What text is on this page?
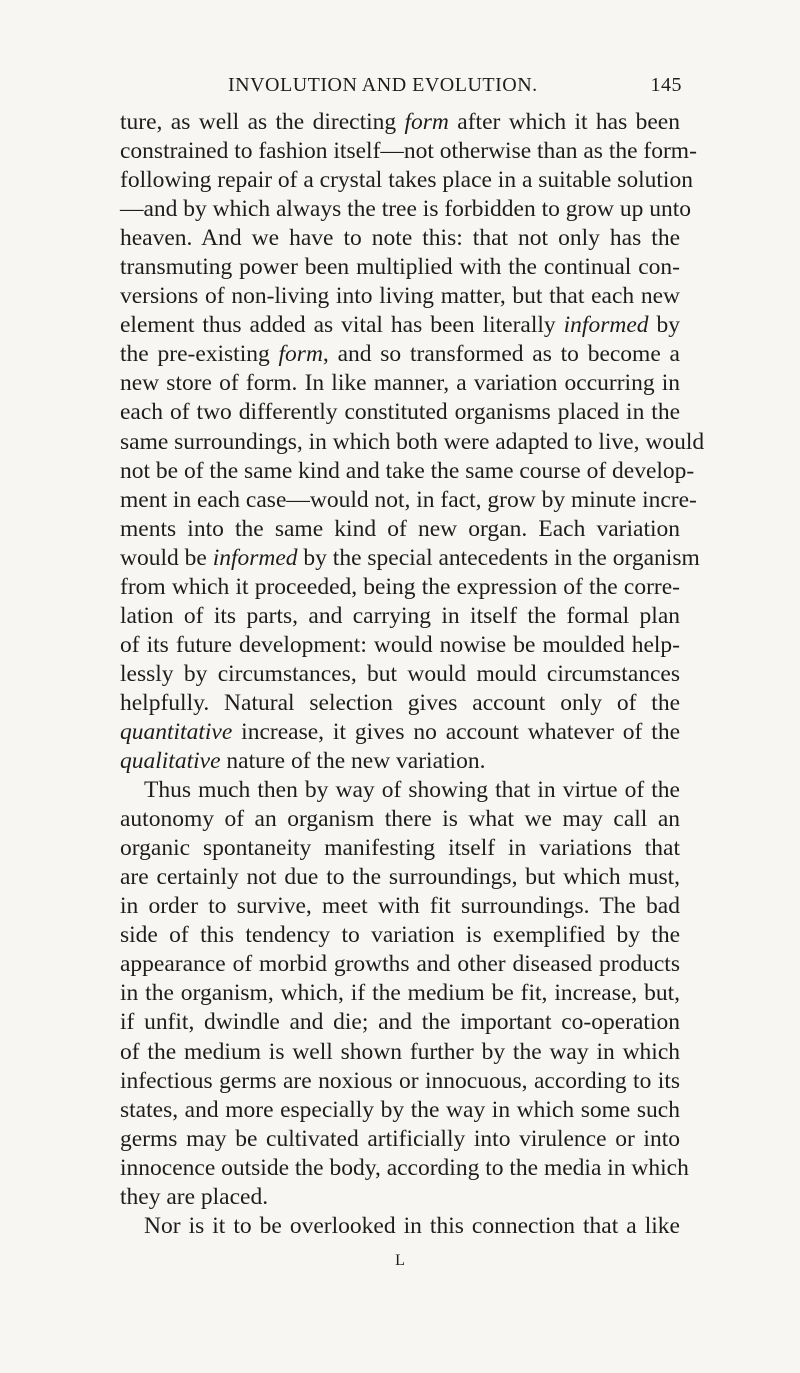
INVOLUTION AND EVOLUTION.	145
ture, as well as the directing form after which it has been
constrained to fashion itself—not otherwise than as the form-
following repair of a crystal takes place in a suitable solution
—and by which always the tree is forbidden to grow up unto
heaven. And we have to note this: that not only has the
transmuting power been multiplied with the continual con-
versions of non-living into living matter, but that each new
element thus added as vital has been literally informed by
the pre-existing form, and so transformed as to become a
new store of form. In like manner, a variation occurring in
each of two differently constituted organisms placed in the
same surroundings, in which both were adapted to live, would
not be of the same kind and take the same course of develop-
ment in each case—would not, in fact, grow by minute incre-
ments into the same kind of new organ. Each variation
would be informed by the special antecedents in the organism
from which it proceeded, being the expression of the corre-
lation of its parts, and carrying in itself the formal plan
of its future development: would nowise be moulded help-
lessly by circumstances, but would mould circumstances
helpfully. Natural selection gives account only of the
quantitative increase, it gives no account whatever of the
qualitative nature of the new variation.
Thus much then by way of showing that in virtue of the
autonomy of an organism there is what we may call an
organic spontaneity manifesting itself in variations that
are certainly not due to the surroundings, but which must,
in order to survive, meet with fit surroundings. The bad
side of this tendency to variation is exemplified by the
appearance of morbid growths and other diseased products
in the organism, which, if the medium be fit, increase, but,
if unfit, dwindle and die; and the important co-operation
of the medium is well shown further by the way in which
infectious germs are noxious or innocuous, according to its
states, and more especially by the way in which some such
germs may be cultivated artificially into virulence or into
innocence outside the body, according to the media in which
they are placed.
Nor is it to be overlooked in this connection that a like
L
